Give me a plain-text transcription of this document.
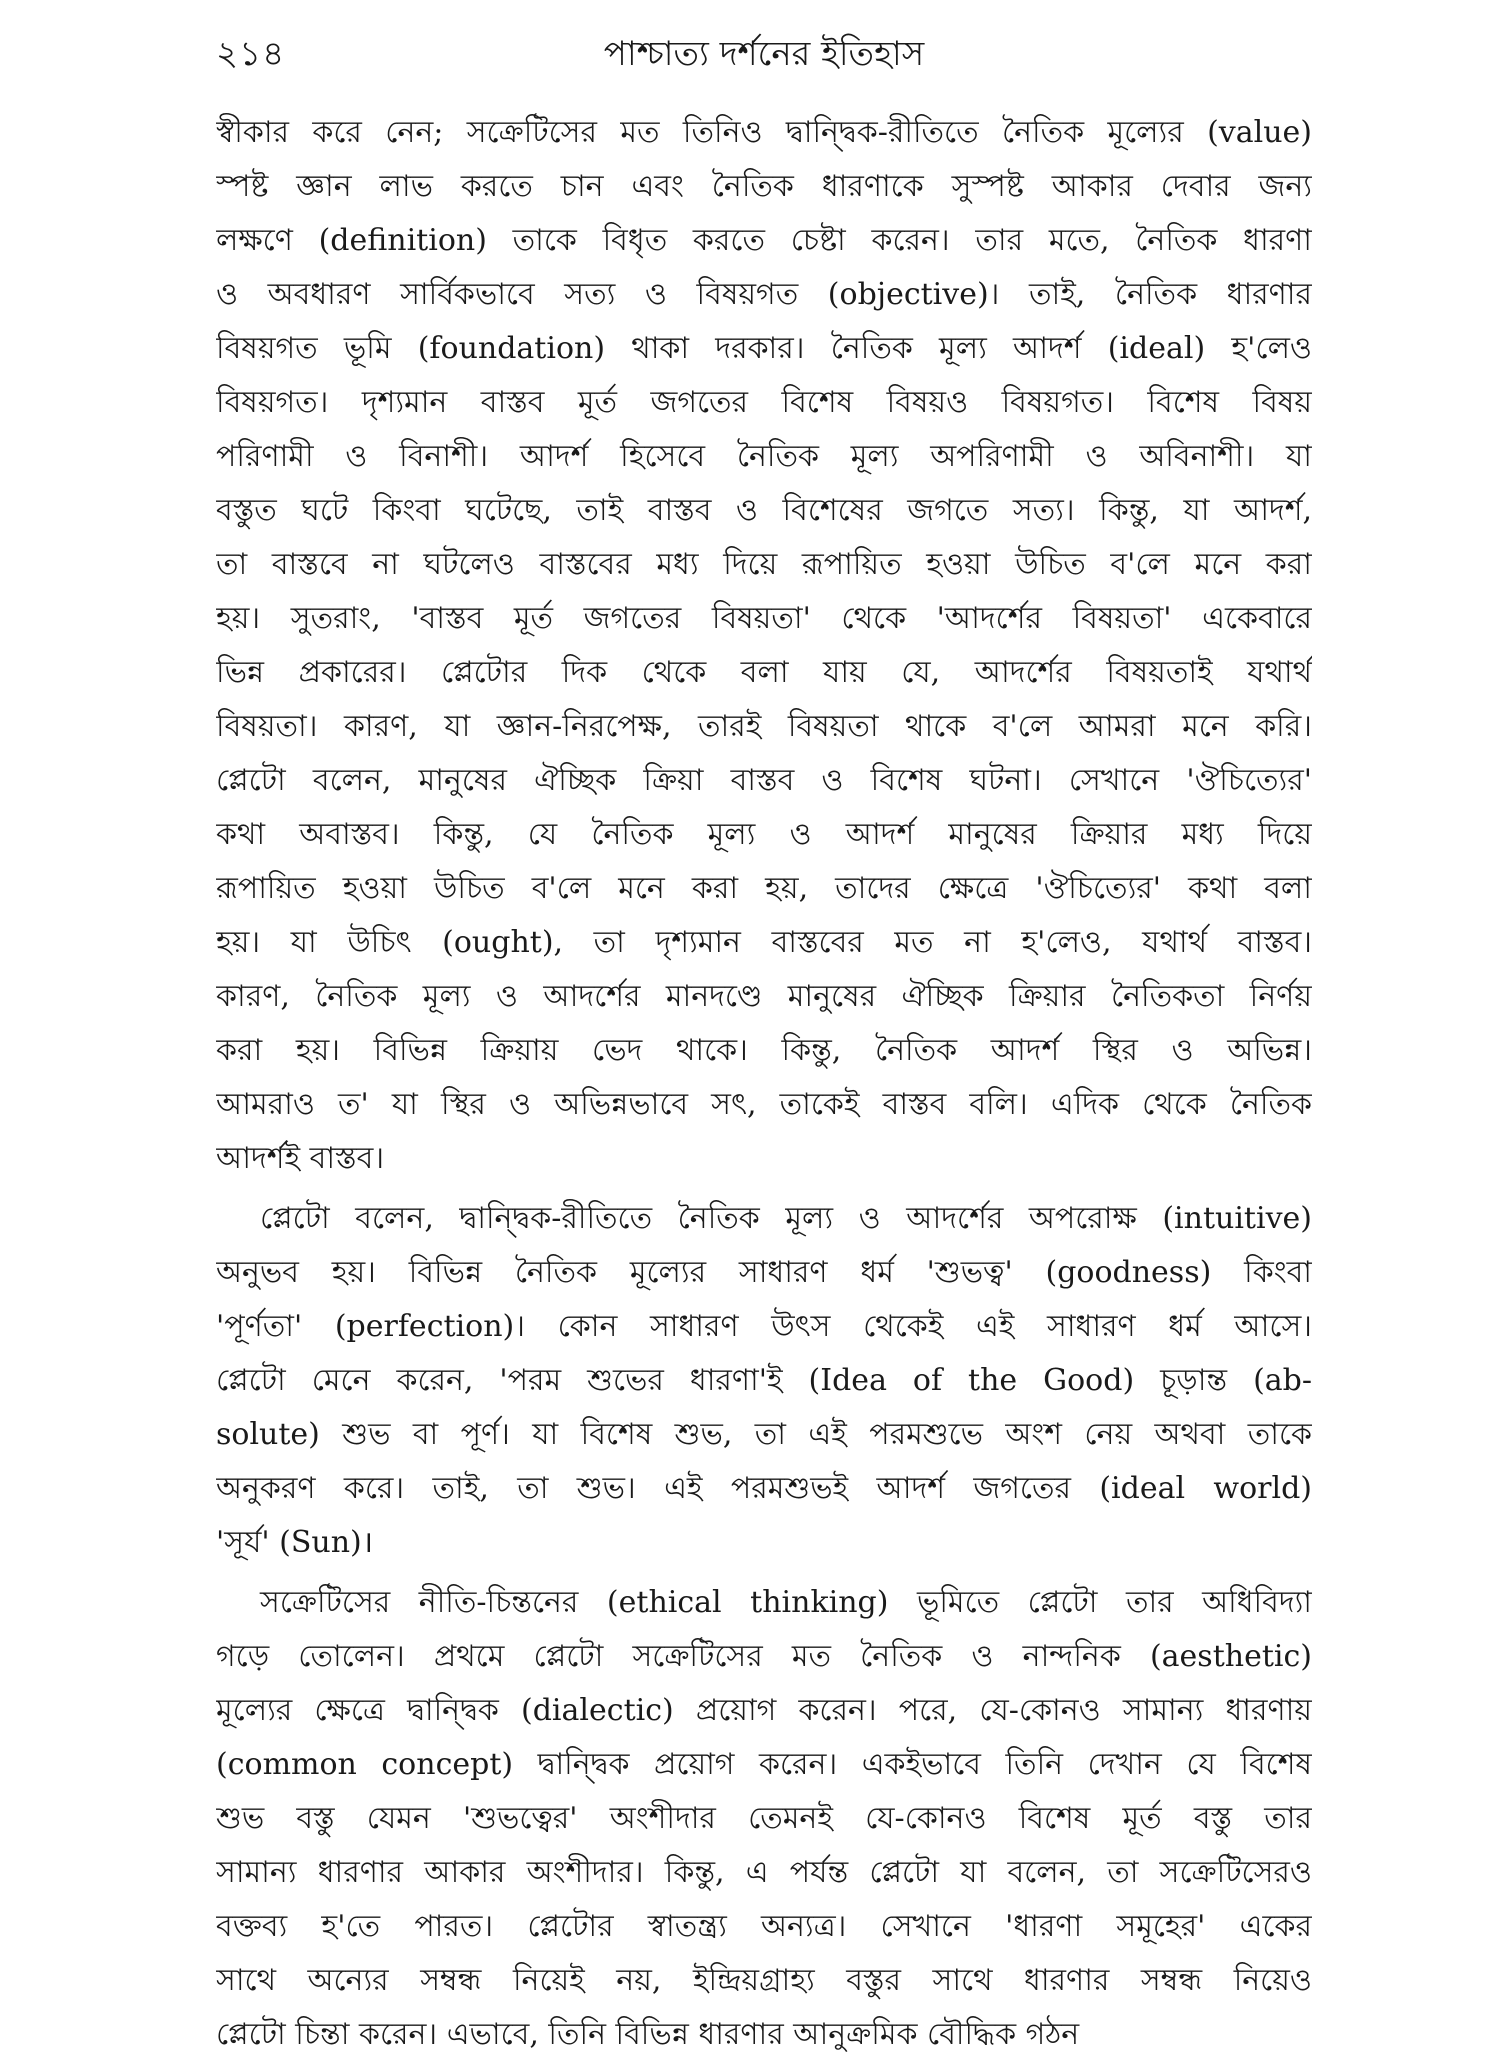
২১৪	পাশ্চাত্য দর্শনের ইতিহাস
স্বীকার করে নেন; সক্রেটিসের মত তিনিও দ্বান্দ্বিক-রীতিতে নৈতিক মূল্যের (value)
স্পষ্ট জ্ঞান লাভ করতে চান এবং নৈতিক ধারণাকে সুস্পষ্ট আকার দেবার জন্য
লক্ষণে (definition) তাকে বিধৃত করতে চেষ্টা করেন। তার মতে, নৈতিক ধারণা
ও অবধারণ সার্বিকভাবে সত্য ও বিষয়গত (objective)। তাই, নৈতিক ধারণার
বিষয়গত ভূমি (foundation) থাকা দরকার। নৈতিক মূল্য আদর্শ (ideal) হ'লেও
বিষয়গত। দৃশ্যমান বাস্তব মূর্ত জগতের বিশেষ বিষয়ও বিষয়গত। বিশেষ বিষয়
পরিণামী ও বিনাশী। আদর্শ হিসেবে নৈতিক মূল্য অপরিণামী ও অবিনাশী। যা
বস্তুত ঘটে কিংবা ঘটেছে, তাই বাস্তব ও বিশেষের জগতে সত্য। কিন্তু, যা আদর্শ,
তা বাস্তবে না ঘটলেও বাস্তবের মধ্য দিয়ে রূপায়িত হওয়া উচিত ব'লে মনে করা
হয়। সুতরাং, 'বাস্তব মূর্ত জগতের বিষয়তা' থেকে 'আদর্শের বিষয়তা' একেবারে
ভিন্ন প্রকারের। প্লেটোর দিক থেকে বলা যায় যে, আদর্শের বিষয়তাই যথার্থ
বিষয়তা। কারণ, যা জ্ঞান-নিরপেক্ষ, তারই বিষয়তা থাকে ব'লে আমরা মনে করি।
প্লেটো বলেন, মানুষের ঐচ্ছিক ক্রিয়া বাস্তব ও বিশেষ ঘটনা। সেখানে 'ঔচিত্যের'
কথা অবাস্তব। কিন্তু, যে নৈতিক মূল্য ও আদর্শ মানুষের ক্রিয়ার মধ্য দিয়ে
রূপায়িত হওয়া উচিত ব'লে মনে করা হয়, তাদের ক্ষেত্রে 'ঔচিত্যের' কথা বলা
হয়। যা উচিৎ (ought), তা দৃশ্যমান বাস্তবের মত না হ'লেও, যথার্থ বাস্তব।
কারণ, নৈতিক মূল্য ও আদর্শের মানদণ্ডে মানুষের ঐচ্ছিক ক্রিয়ার নৈতিকতা নির্ণয়
করা হয়। বিভিন্ন ক্রিয়ায় ভেদ থাকে। কিন্তু, নৈতিক আদর্শ স্থির ও অভিন্ন।
আমরাও ত' যা স্থির ও অভিন্নভাবে সৎ, তাকেই বাস্তব বলি। এদিক থেকে নৈতিক
আদর্শই বাস্তব।
প্লেটো বলেন, দ্বান্দ্বিক-রীতিতে নৈতিক মূল্য ও আদর্শের অপরোক্ষ (intuitive)
অনুভব হয়। বিভিন্ন নৈতিক মূল্যের সাধারণ ধর্ম 'শুভত্ব' (goodness) কিংবা
'পূর্ণতা' (perfection)। কোন সাধারণ উৎস থেকেই এই সাধারণ ধর্ম আসে।
প্লেটো মেনে করেন, 'পরম শুভের ধারণা'ই (Idea of the Good) চূড়ান্ত (ab-
solute) শুভ বা পূর্ণ। যা বিশেষ শুভ, তা এই পরমশুভে অংশ নেয় অথবা তাকে
অনুকরণ করে। তাই, তা শুভ। এই পরমশুভই আদর্শ জগতের (ideal world)
'সূর্য' (Sun)।
সক্রেটিসের নীতি-চিন্তনের (ethical thinking) ভূমিতে প্লেটো তার অধিবিদ্যা
গড়ে তোলেন। প্রথমে প্লেটো সক্রেটিসের মত নৈতিক ও নান্দনিক (aesthetic)
মূল্যের ক্ষেত্রে দ্বান্দ্বিক (dialectic) প্রয়োগ করেন। পরে, যে-কোনও সামান্য ধারণায়
(common concept) দ্বান্দ্বিক প্রয়োগ করেন। একইভাবে তিনি দেখান যে বিশেষ
শুভ বস্তু যেমন 'শুভত্বের' অংশীদার তেমনই যে-কোনও বিশেষ মূর্ত বস্তু তার
সামান্য ধারণার আকার অংশীদার। কিন্তু, এ পর্যন্ত প্লেটো যা বলেন, তা সক্রেটিসেরও
বক্তব্য হ'তে পারত। প্লেটোর স্বাতন্ত্র্য অন্যত্র। সেখানে 'ধারণা সমূহের' একের
সাথে অন্যের সম্বন্ধ নিয়েই নয়, ইন্দ্রিয়গ্রাহ্য বস্তুর সাথে ধারণার সম্বন্ধ নিয়েও
প্লেটো চিন্তা করেন। এভাবে, তিনি বিভিন্ন ধারণার আনুক্রমিক বৌদ্ধিক গঠন
